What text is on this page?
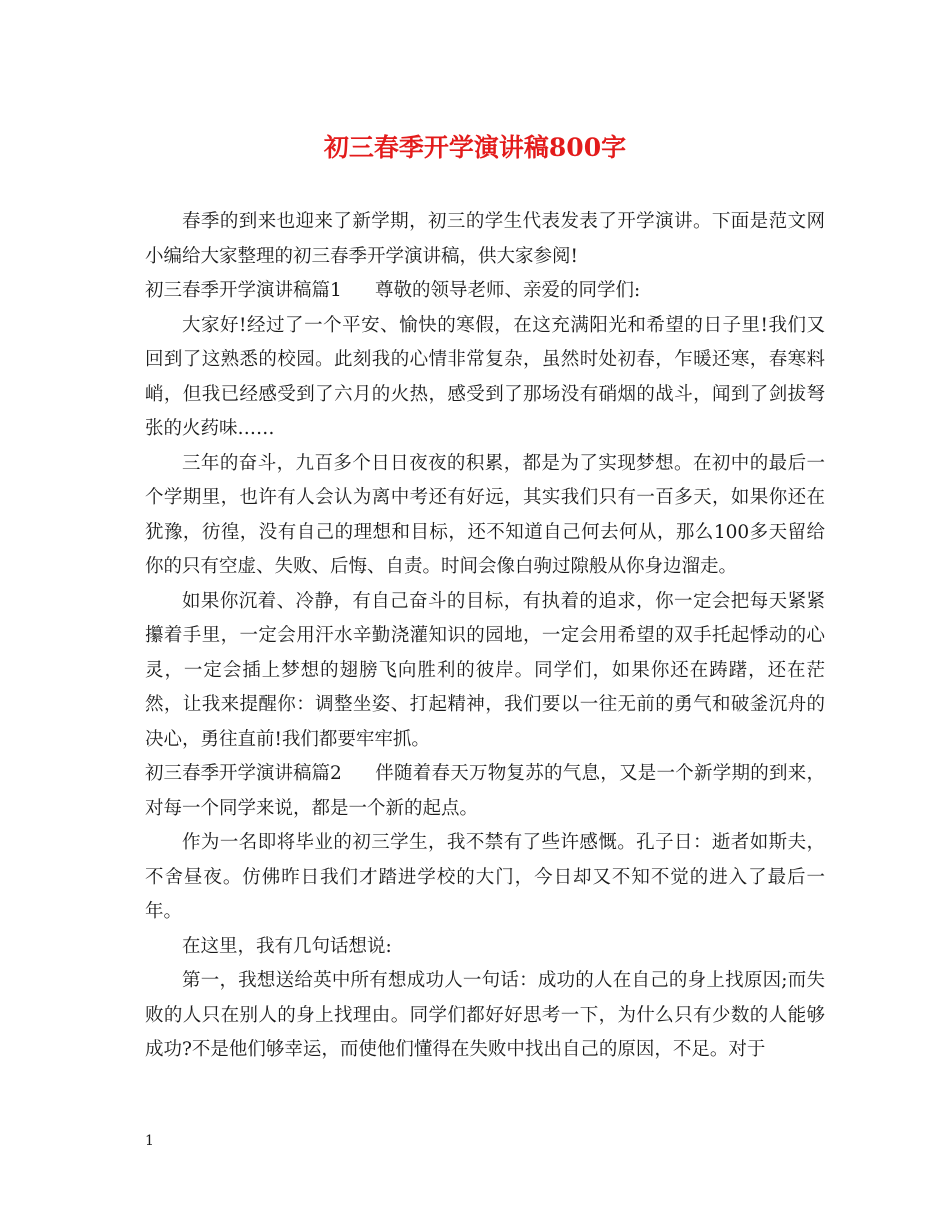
初三春季开学演讲稿800字

春季的到来也迎来了新学期，初三的学生代表发表了开学演讲。下面是范文网小编给大家整理的初三春季开学演讲稿，供大家参阅!

初三春季开学演讲稿篇1 尊敬的领导老师、亲爱的同学们:

大家好!经过了一个平安、愉快的寒假，在这充满阳光和希望的日子里!我们又回到了这熟悉的校园。此刻我的心情非常复杂，虽然时处初春，乍暖还寒，春寒料峭，但我已经感受到了六月的火热，感受到了那场没有硝烟的战斗，闻到了剑拔弩张的火药味……

三年的奋斗，九百多个日日夜夜的积累，都是为了实现梦想。在初中的最后一个学期里，也许有人会认为离中考还有好远，其实我们只有一百多天，如果你还在犹豫，彷徨，没有自己的理想和目标，还不知道自己何去何从，那么100多天留给你的只有空虚、失败、后悔、自责。时间会像白驹过隙般从你身边溜走。

如果你沉着、冷静，有自己奋斗的目标，有执着的追求，你一定会把每天紧紧攥着手里，一定会用汗水辛勤浇灌知识的园地，一定会用希望的双手托起悸动的心灵，一定会插上梦想的翅膀飞向胜利的彼岸。同学们，如果你还在踌躇，还在茫然，让我来提醒你：调整坐姿、打起精神，我们要以一往无前的勇气和破釜沉舟的决心，勇往直前!我们都要牢牢抓。

初三春季开学演讲稿篇2 伴随着春天万物复苏的气息，又是一个新学期的到来，对每一个同学来说，都是一个新的起点。

作为一名即将毕业的初三学生，我不禁有了些许感慨。孔子日：逝者如斯夫，不舍昼夜。仿佛昨日我们才踏进学校的大门，今日却又不知不觉的进入了最后一年。

在这里，我有几句话想说:

第一，我想送给英中所有想成功人一句话：成功的人在自己的身上找原因;而失败的人只在别人的身上找理由。同学们都好好思考一下，为什么只有少数的人能够成功?不是他们够幸运，而使他们懂得在失败中找出自己的原因，不足。对于

1
